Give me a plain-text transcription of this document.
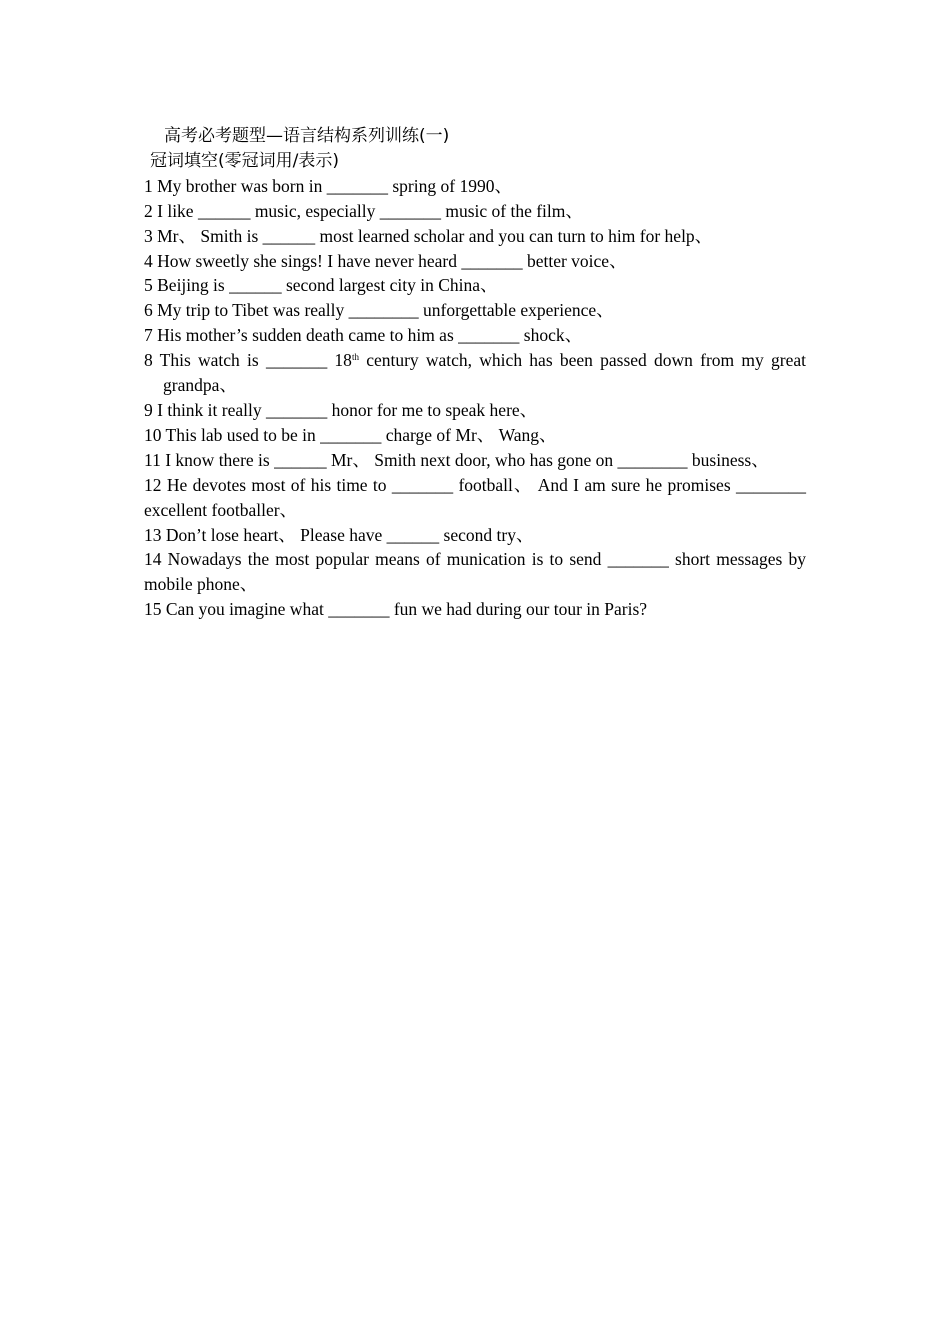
高考必考题型—语言结构系列训练(一)
冠词填空(零冠词用/表示)
1 My brother was born in _______ spring of 1990、
2 I like ______ music, especially _______ music of the film、
3 Mr、 Smith is ______ most learned scholar and you can turn to him for help、
4 How sweetly she sings! I have never heard _______ better voice、
5 Beijing is ______ second largest city in China、
6 My trip to Tibet was really ________ unforgettable experience、
7 His mother’s sudden death came to him as _______ shock、
8 This watch is _______ 18th century watch, which has been passed down from my great grandpa、
9 I think it really _______ honor for me to speak here、
10 This lab used to be in _______ charge of Mr、 Wang、
11 I know there is ______ Mr、 Smith next door, who has gone on ________ business、
12 He devotes most of his time to _______ football、 And I am sure he promises ________ excellent footballer、
13 Don’t lose heart、 Please have ______ second try、
14 Nowadays the most popular means of munication is to send _______ short messages by mobile phone、
15 Can you imagine what _______ fun we had during our tour in Paris?
